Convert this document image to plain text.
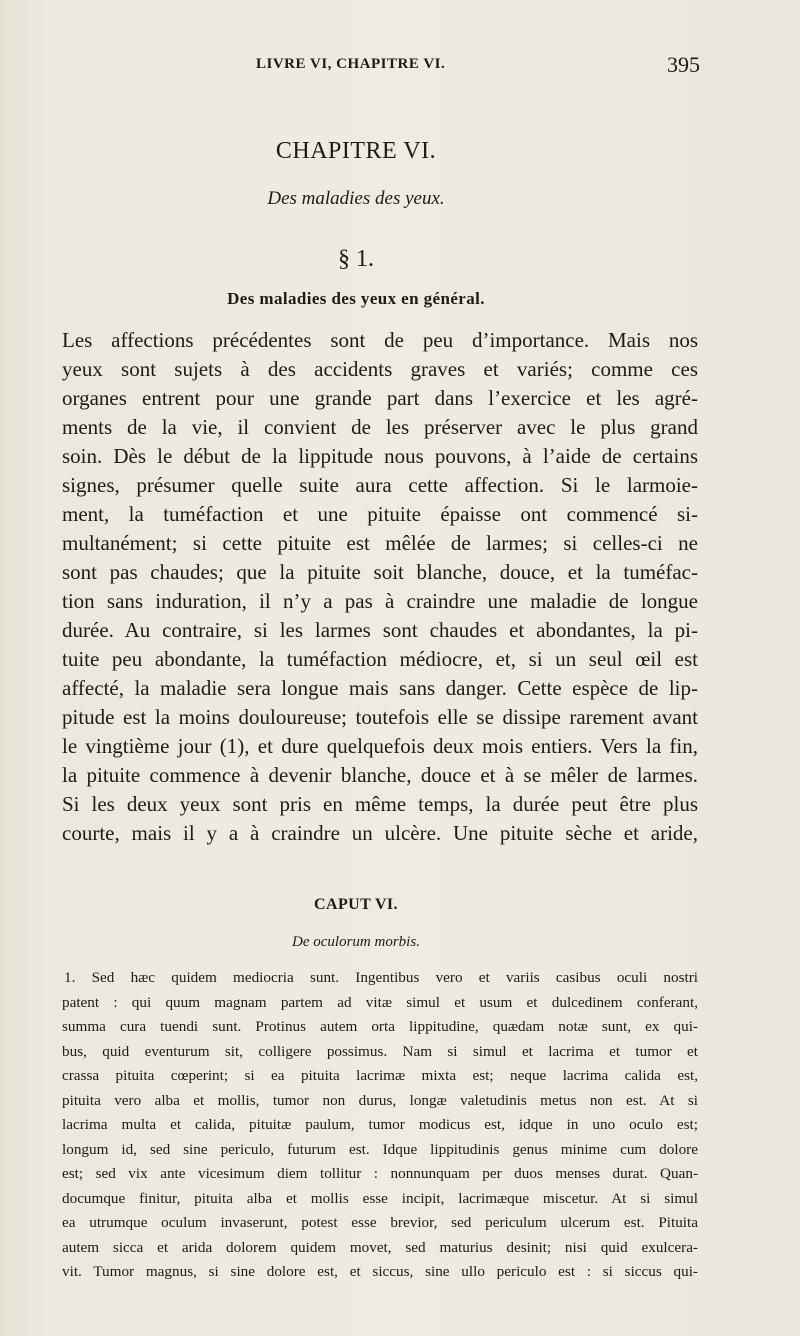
LIVRE VI, CHAPITRE VI.	395
CHAPITRE VI.
Des maladies des yeux.
§ 1.
Des maladies des yeux en général.
Les affections précédentes sont de peu d’importance. Mais nos
yeux sont sujets à des accidents graves et variés; comme ces
organes entrent pour une grande part dans l’exercice et les agré-
ments de la vie, il convient de les préserver avec le plus grand
soin. Dès le début de la lippitude nous pouvons, à l’aide de certains
signes, présumer quelle suite aura cette affection. Si le larmoie-
ment, la tuméfaction et une pituite épaisse ont commencé si-
multanément; si cette pituite est mêlée de larmes; si celles-ci ne
sont pas chaudes; que la pituite soit blanche, douce, et la tuméfac-
tion sans induration, il n’y a pas à craindre une maladie de longue
durée. Au contraire, si les larmes sont chaudes et abondantes, la pi-
tuite peu abondante, la tuméfaction médiocre, et, si un seul œil est
affecté, la maladie sera longue mais sans danger. Cette espèce de lip-
pitude est la moins douloureuse; toutefois elle se dissipe rarement avant
le vingtième jour (1), et dure quelquefois deux mois entiers. Vers la fin,
la pituite commence à devenir blanche, douce et à se mêler de larmes.
Si les deux yeux sont pris en même temps, la durée peut être plus
courte, mais il y a à craindre un ulcère. Une pituite sèche et aride,
CAPUT VI.
De oculorum morbis.
1. Sed hæc quidem mediocria sunt. Ingentibus vero et variis casibus oculi nostri
patent : qui quum magnam partem ad vitæ simul et usum et dulcedinem conferant,
summa cura tuendi sunt. Protinus autem orta lippitudine, quædam notæ sunt, ex qui-
bus, quid eventurum sit, colligere possimus. Nam si simul et lacrima et tumor et
crassa pituita cœperint; si ea pituita lacrimæ mixta est; neque lacrima calida est,
pituita vero alba et mollis, tumor non durus, longæ valetudinis metus non est. At si
lacrima multa et calida, pituitæ paulum, tumor modicus est, idque in uno oculo est;
longum id, sed sine periculo, futurum est. Idque lippitudinis genus minime cum dolore
est; sed vix ante vicesimum diem tollitur : nonnunquam per duos menses durat. Quan-
documque finitur, pituita alba et mollis esse incipit, lacrimæque miscetur. At si simul
ea utrumque oculum invaserunt, potest esse brevior, sed periculum ulcerum est. Pituita
autem sicca et arida dolorem quidem movet, sed maturius desinit; nisi quid exulcera-
vit. Tumor magnus, si sine dolore est, et siccus, sine ullo periculo est : si siccus qui-
